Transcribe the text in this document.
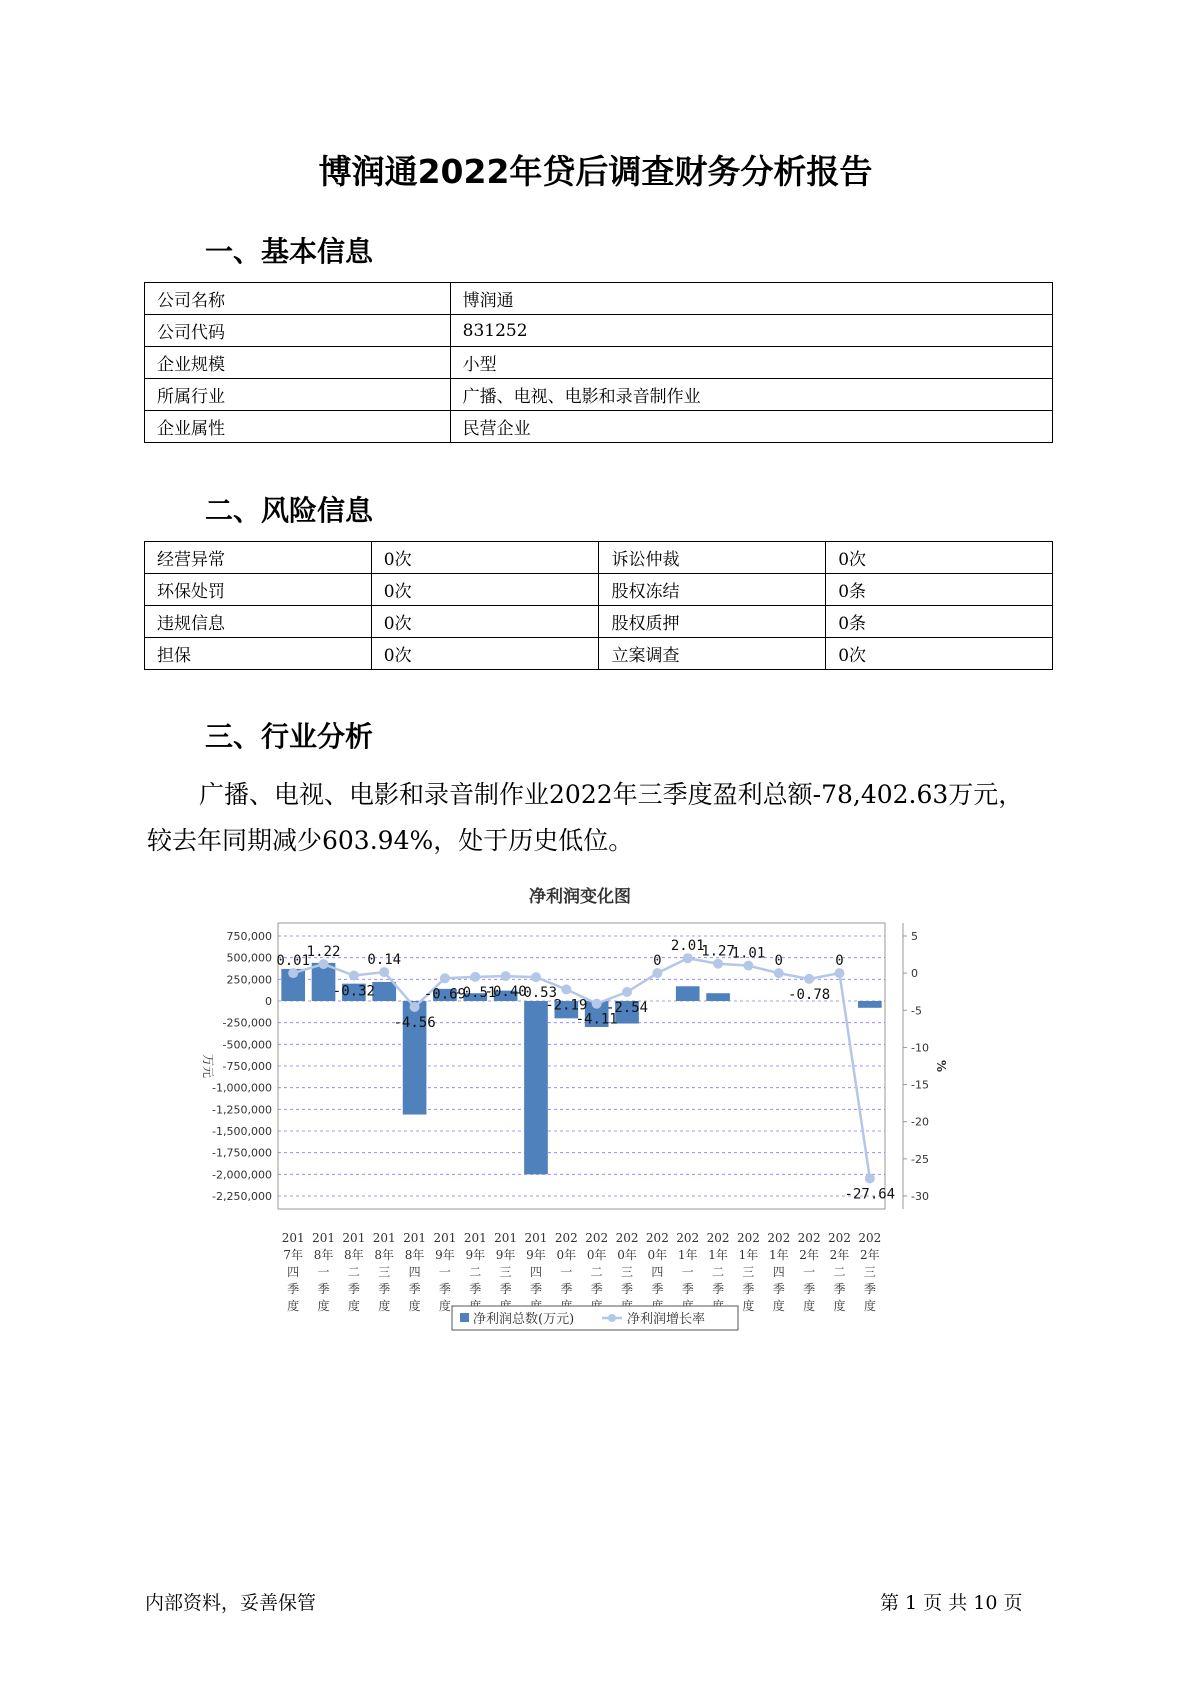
博润通2022年贷后调查财务分析报告
一、基本信息
公司名称	博润通
公司代码	831252
企业规模	小型
所属行业	广播、电视、电影和录音制作业
企业属性	民营企业
二、风险信息
经营异常	0次	诉讼仲裁	0次
环保处罚	0次	股权冻结	0条
违规信息	0次	股权质押	0条
担保	0次	立案调查	0次
三、行业分析
广播、电视、电影和录音制作业2022年三季度盈利总额-78,402.63万元，较去年同期减少603.94%，处于历史低位。
净利润变化图
750,000
500,000
250,000
0
-250,000
-500,000
-750,000
-1,000,000
-1,250,000
-1,500,000
-1,750,000
-2,000,000
-2,250,000
5
0
-5
-10
-15
-20
-25
-30
万元	%
0.01
1.22
-0.32
0.14
-4.56
-0.69
-0.51
-0.40
-0.53
-2.19
-4.11
-2.54
0
2.01
1.27
1.01 0
-0.78
0
-27.64
201
7年
四
季
度
201
8年
一
季
度
201
8年
二
季
度
201
8年
三
季
度
201
8年
四
季
度
201
9年
一
季
度
201
9年
二
季
201
9年
三
季
201
9年
四
季
202
0年
一
季
202
0年
二
季
202
0年
三
季
202
0年
四
季
202
1年
一
季
202
1年
二
季
202
1年
三
季
度
202
1年
四
季
度
202
2年
一
季
度
202
2年
二
季
度
202
2年
三
季
度
净利润总数(万元)	净利润增长率
内部资料，妥善保管	第 1 页 共 10 页
